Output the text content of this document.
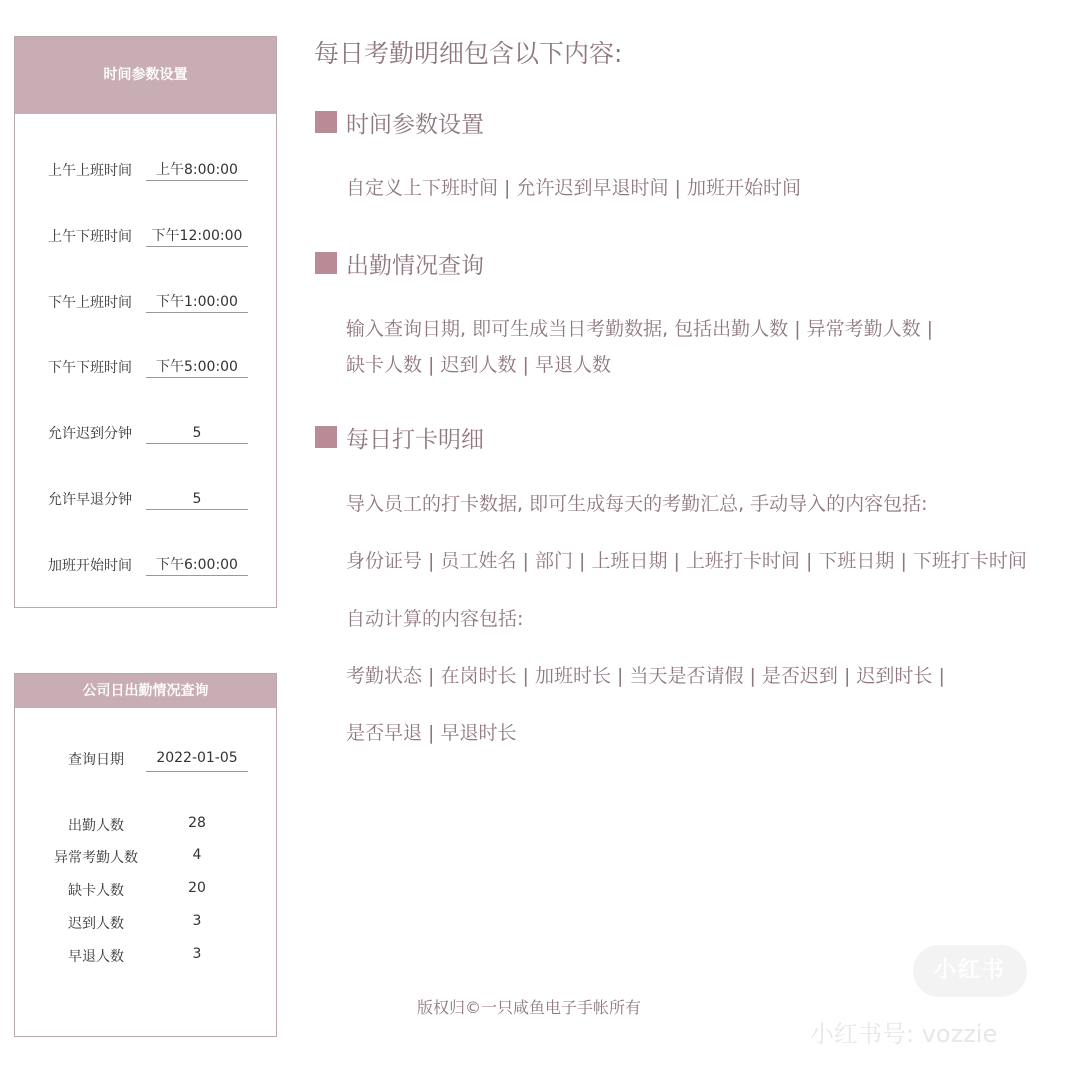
时间参数设置
上午上班时间	上午8:00:00
上午下班时间	下午12:00:00
下午上班时间	下午1:00:00
下午下班时间	下午5:00:00
允许迟到分钟	5
允许早退分钟	5
加班开始时间	下午6:00:00
公司日出勤情况查询
查询日期	2022-01-05
出勤人数	28
异常考勤人数	4
缺卡人数	20
迟到人数	3
早退人数	3
每日考勤明细包含以下内容:
时间参数设置
自定义上下班时间 | 允许迟到早退时间 | 加班开始时间
出勤情况查询
输入查询日期, 即可生成当日考勤数据, 包括出勤人数 | 异常考勤人数 |
缺卡人数 | 迟到人数 | 早退人数
每日打卡明细
导入员工的打卡数据, 即可生成每天的考勤汇总, 手动导入的内容包括:
身份证号 | 员工姓名 | 部门 | 上班日期 | 上班打卡时间 | 下班日期 | 下班打卡时间
自动计算的内容包括:
考勤状态 | 在岗时长 | 加班时长 | 当天是否请假 | 是否迟到 | 迟到时长 |
是否早退 | 早退时长
版权归©一只咸鱼电子手帐所有
小红书
小红书号: vozzie
